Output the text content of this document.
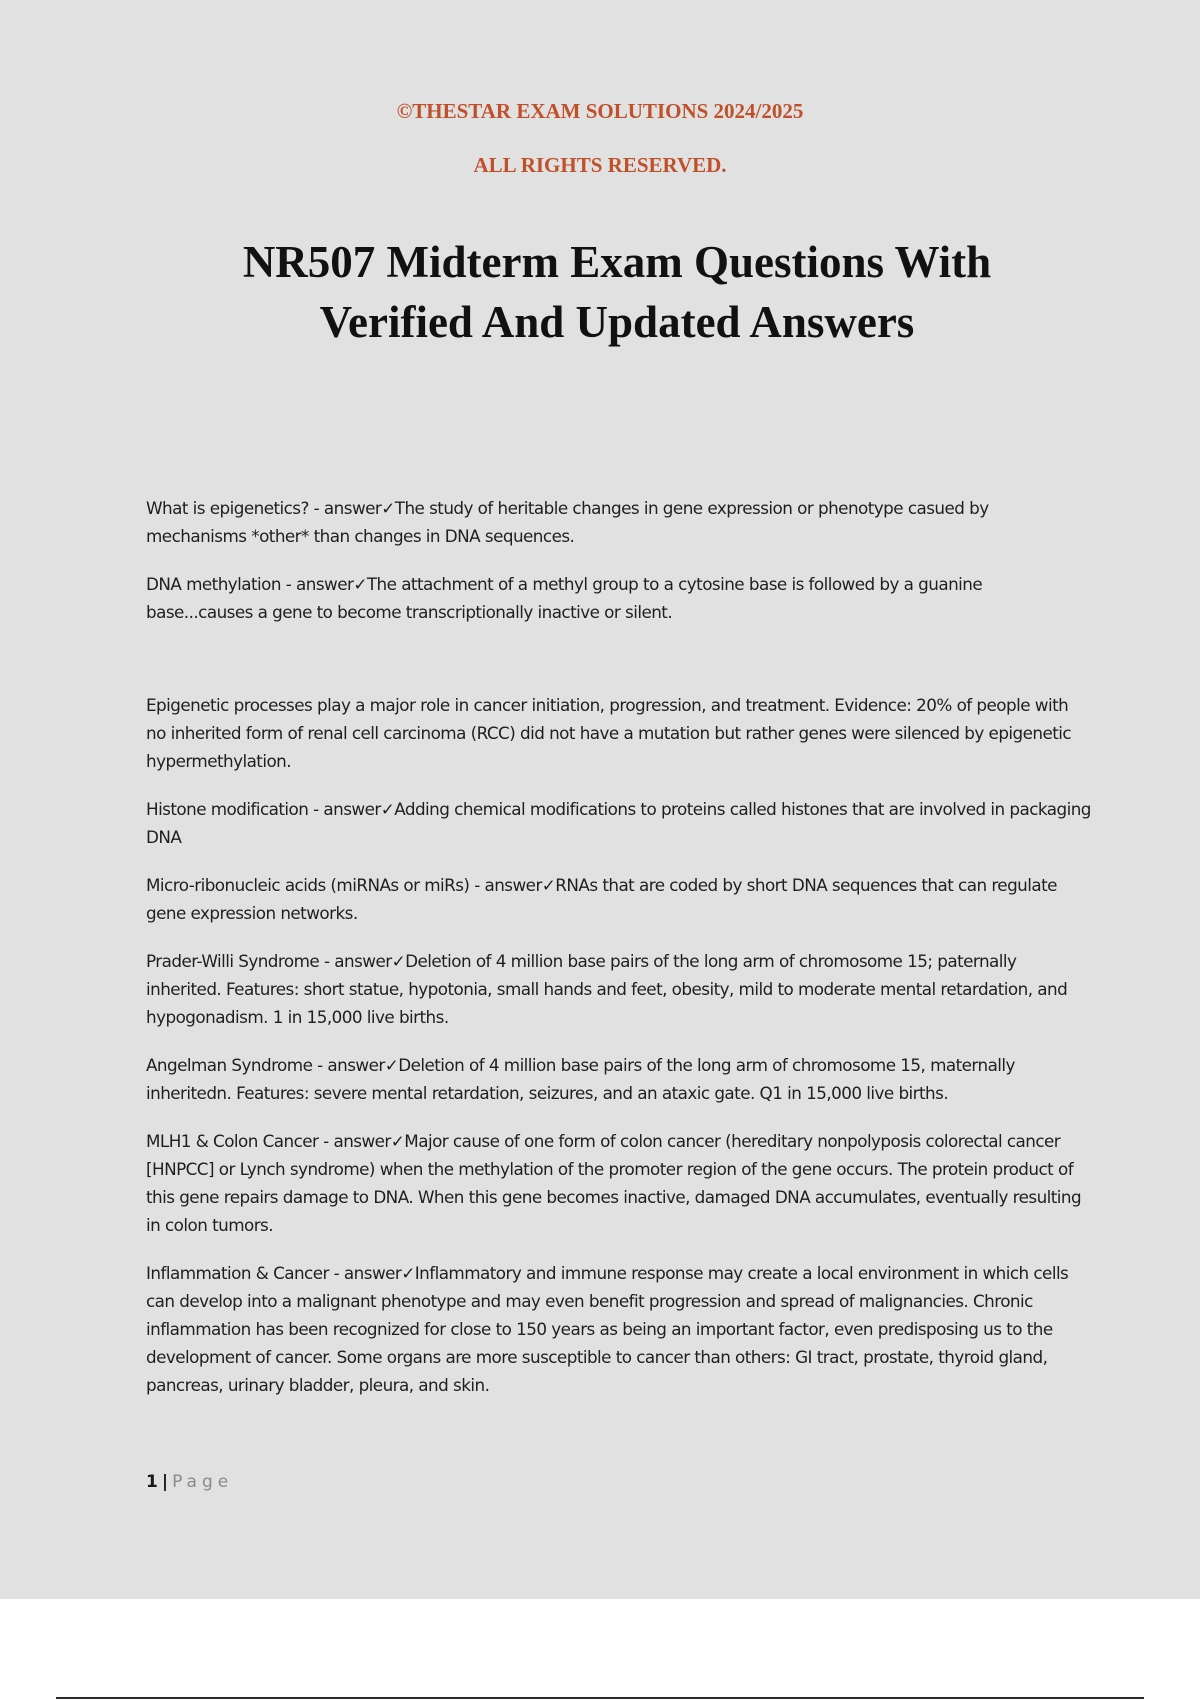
©THESTAR EXAM SOLUTIONS 2024/2025
ALL RIGHTS RESERVED.
NR507 Midterm Exam Questions With
Verified And Updated Answers

What is epigenetics? - answer✓The study of heritable changes in gene expression or phenotype casued by mechanisms *other* than changes in DNA sequences.

DNA methylation - answer✓The attachment of a methyl group to a cytosine base is followed by a guanine base...causes a gene to become transcriptionally inactive or silent.

Epigenetic processes play a major role in cancer initiation, progression, and treatment. Evidence: 20% of people with no inherited form of renal cell carcinoma (RCC) did not have a mutation but rather genes were silenced by epigenetic hypermethylation.

Histone modification - answer✓Adding chemical modifications to proteins called histones that are involved in packaging DNA

Micro-ribonucleic acids (miRNAs or miRs) - answer✓RNAs that are coded by short DNA sequences that can regulate gene expression networks.

Prader-Willi Syndrome - answer✓Deletion of 4 million base pairs of the long arm of chromosome 15; paternally inherited. Features: short statue, hypotonia, small hands and feet, obesity, mild to moderate mental retardation, and hypogonadism. 1 in 15,000 live births.

Angelman Syndrome - answer✓Deletion of 4 million base pairs of the long arm of chromosome 15, maternally inheritedn. Features: severe mental retardation, seizures, and an ataxic gate. Q1 in 15,000 live births.

MLH1 & Colon Cancer - answer✓Major cause of one form of colon cancer (hereditary nonpolyposis colorectal cancer [HNPCC] or Lynch syndrome) when the methylation of the promoter region of the gene occurs. The protein product of this gene repairs damage to DNA. When this gene becomes inactive, damaged DNA accumulates, eventually resulting in colon tumors.

Inflammation & Cancer - answer✓Inflammatory and immune response may create a local environment in which cells can develop into a malignant phenotype and may even benefit progression and spread of malignancies. Chronic inflammation has been recognized for close to 150 years as being an important factor, even predisposing us to the development of cancer. Some organs are more susceptible to cancer than others: GI tract, prostate, thyroid gland, pancreas, urinary bladder, pleura, and skin.

1 | Page
